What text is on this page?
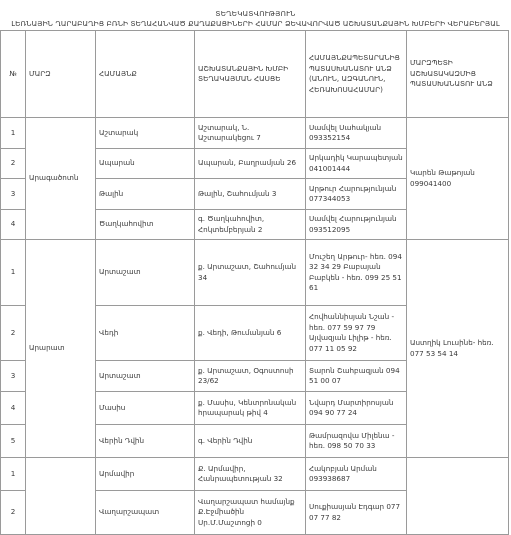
ՏԵՂԵԿԱՏՎՈՒԹՅՈՒՆ
ԼԵՌՆԱՅԻՆ ՂԱՐԱԲԱՂԻՑ ԲՌՆԻ ՏԵՂԱՀԱՆՎԱԾ ՔԱՂԱՔԱՑԻՆԵՐԻ ՀԱՄԱՐ ՁԵՎԱՎՈՐՎԱԾ ԱՇԽԱՏԱՆՔԱՅԻՆ ԽՄԲԵՐԻ ՎԵՐԱԲԵՐՅԱԼ
№	ՄԱՐԶ	ՀԱՄԱՅՆՔ	ԱՇԽԱՏԱՆՔԱՅԻՆ ԽՄԲԻ ՏԵՂԱԿԱՅՄԱՆ ՀԱՍՑԵ	ՀԱՄԱՅՆՔԱՊԵՏԱՐԱՆԻՑ ՊԱՏԱՍԽԱՆԱՏՈՒ ԱՆՁ (ԱՆՈՒՆ, ԱԶԳԱՆՈՒՆ, ՀԵՌԱԽՈՍԱՀԱՄԱՐ)	ՄԱՐԶՊԵՏԻ ԱՇԽԱՏԱԿԱԶՄԻՑ ՊԱՏԱՍԽԱՆԱՏՈՒ ԱՆՁ
1	Արագածոտն	Աշտարակ	Աշտարակ, Ն. Աշտարակեցու 7	Սամվել Սահակյան 093352154	Կարեն Թաթոյան 099041400
2		Ապարան	Ապարան, Բաղրամյան 26	Արկադիկ Կարապետյան 041001444	
3		Թալին	Թալին, Շահումյան 3	Արթուր Հարությունյան 077344053	
4		Ծաղկահովիտ	գ. Ծաղկահովիտ, Հոկտեմբերյան 2	Սամվել Հարությունյան 093512095	
1	Արարատ	Արտաշատ	ք. Արտաշատ, Շահումյան 34	Մուշեղ Արթուր- հեռ. 094 32 34 29 Բաբայան Բաբկեն - հեռ. 099 25 51 61	Աստղիկ Լուսինե- հեռ. 077 53 54 14
2		Վեդի	ք. Վեդի, Թումանյան 6	Հովհաննիսյան Նշան - հեռ. 077 59 97 79 Այվազյան Լիլիթ - հեռ. 077 11 05 92	
3		Արտաշատ	ք. Արտաշատ, Օգոստոսի 23/62	Տարոն Շահբազյան 094 51 00 07	
4		Մասիս	ք. Մասիս, Կենտրոնական հրապարակ թիվ 4	Նվարդ Մարտիրոսյան 094 90 77 24	
5		Վերին Դվին	գ. Վերին Դվին	Թամրազովա Միլենա - հեռ. 098 50 70 33	
1		Արմավիր	Ք. Արմավիր, Հանրապետության 32	Հակոբյան Արման 093938687	
2		Վաղարշապատ	Վաղարշապատ համայնք Ք.Էջմիածին Սր.Մ.Մաշտոցի 0	Սուքիասյան Էդգար 077 07 77 82	
